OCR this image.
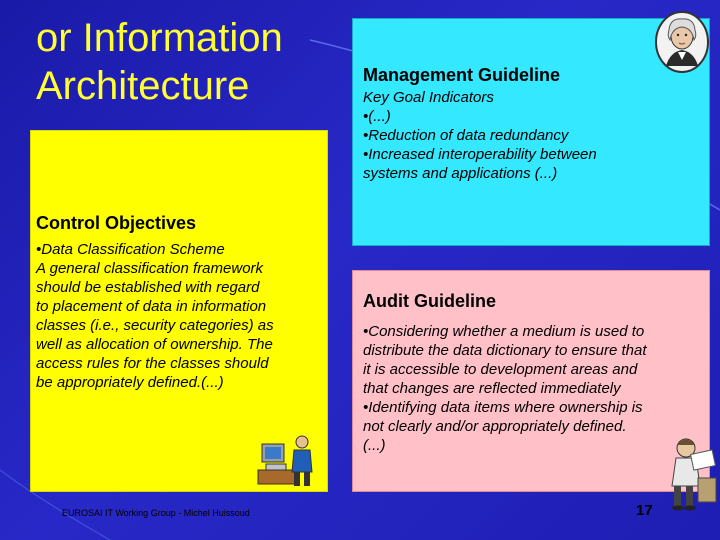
or Information
Architecture

Control Objectives

•Data Classification Scheme
A general classification framework
should be established with regard
to placement of data in information
classes (i.e., security categories) as
well as allocation of ownership. The
access rules for the classes should
be appropriately defined.(...)

Management Guideline

Key Goal Indicators
•(...)
•Reduction of data redundancy
•Increased interoperability between
systems and applications (...)

Audit Guideline

•Considering whether a medium is used to
distribute the data dictionary to ensure that
it is accessible to development areas and
that changes are reflected immediately
•Identifying data items where ownership is
not clearly and/or appropriately defined.
(...)
EUROSAI IT Working Group - Michel Huissoud	17
